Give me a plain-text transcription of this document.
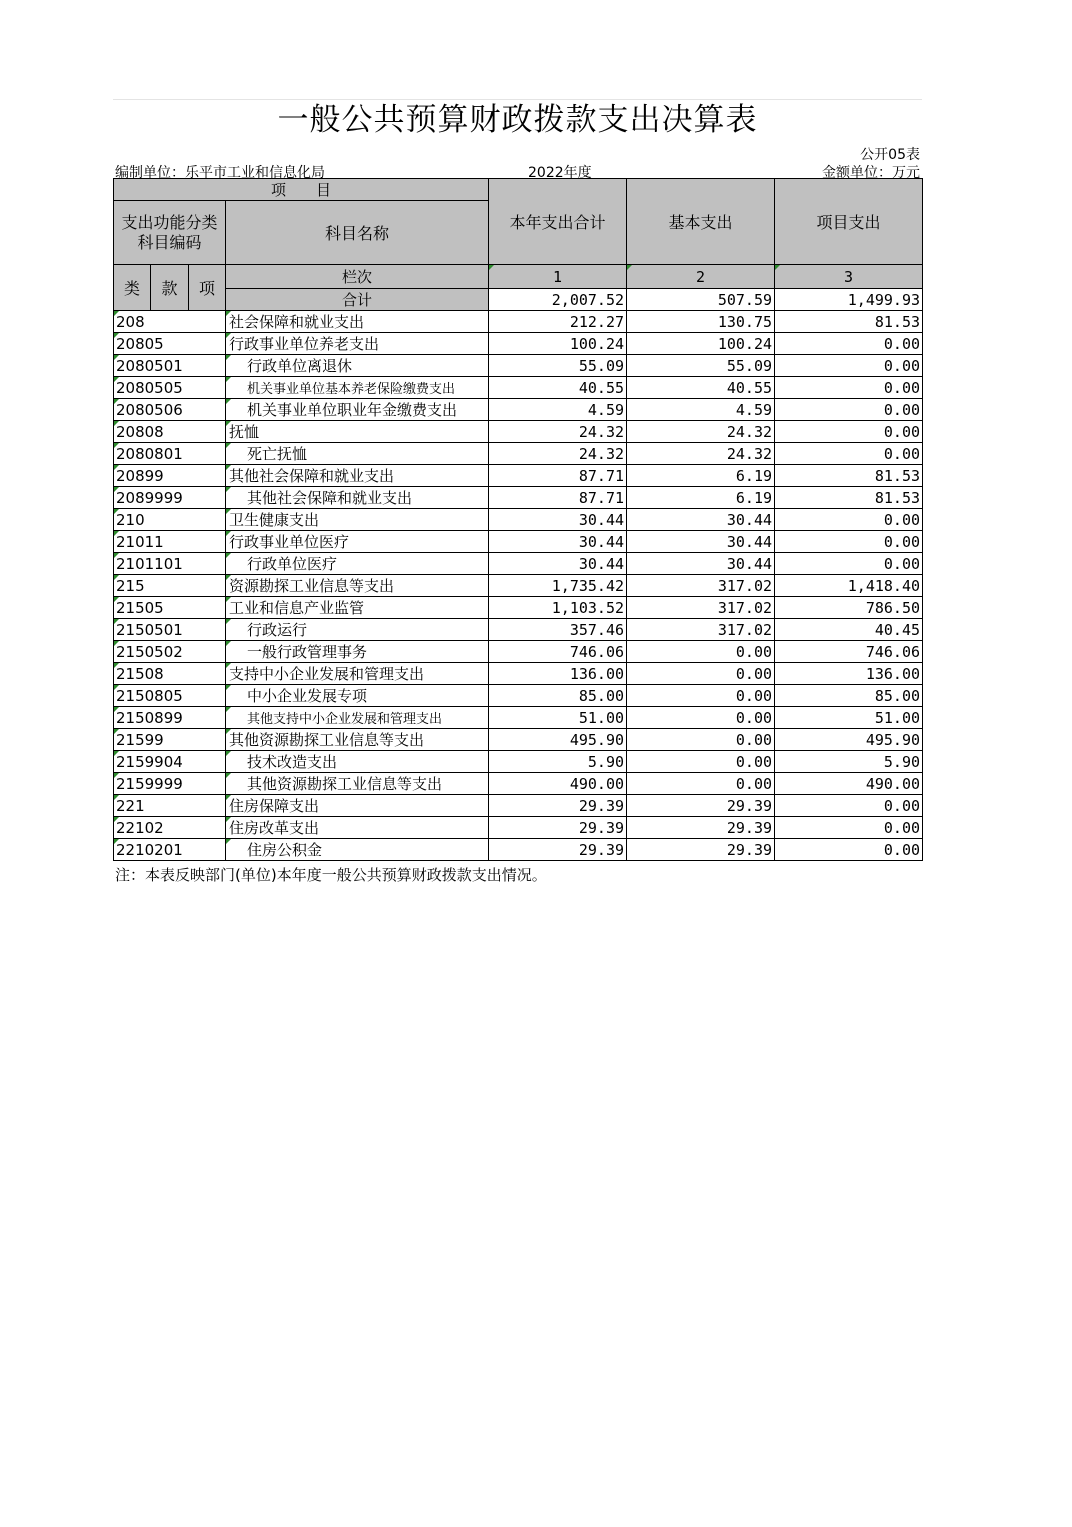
一般公共预算财政拨款支出决算表
公开05表
编制单位：乐平市工业和信息化局	2022年度	金额单位：万元
项　　目				本年支出合计	基本支出	项目支出
支出功能分类
科目编码			科目名称			

类	款	项	栏次	1	2	3
			合计	2,007.52	507.59	1,499.93
208			社会保障和就业支出	212.27	130.75	81.53
20805			行政事业单位养老支出	100.24	100.24	0.00
2080501			行政单位离退休	55.09	55.09	0.00
2080505			机关事业单位基本养老保险缴费支出	40.55	40.55	0.00
2080506			机关事业单位职业年金缴费支出	4.59	4.59	0.00
20808			抚恤	24.32	24.32	0.00
2080801			死亡抚恤	24.32	24.32	0.00
20899			其他社会保障和就业支出	87.71	6.19	81.53
2089999			其他社会保障和就业支出	87.71	6.19	81.53
210			卫生健康支出	30.44	30.44	0.00
21011			行政事业单位医疗	30.44	30.44	0.00
2101101			行政单位医疗	30.44	30.44	0.00
215			资源勘探工业信息等支出	1,735.42	317.02	1,418.40
21505			工业和信息产业监管	1,103.52	317.02	786.50
2150501			行政运行	357.46	317.02	40.45
2150502			一般行政管理事务	746.06	0.00	746.06
21508			支持中小企业发展和管理支出	136.00	0.00	136.00
2150805			中小企业发展专项	85.00	0.00	85.00
2150899			其他支持中小企业发展和管理支出	51.00	0.00	51.00
21599			其他资源勘探工业信息等支出	495.90	0.00	495.90
2159904			技术改造支出	5.90	0.00	5.90
2159999			其他资源勘探工业信息等支出	490.00	0.00	490.00
221			住房保障支出	29.39	29.39	0.00
22102			住房改革支出	29.39	29.39	0.00
2210201			住房公积金	29.39	29.39	0.00
注：本表反映部门(单位)本年度一般公共预算财政拨款支出情况。
